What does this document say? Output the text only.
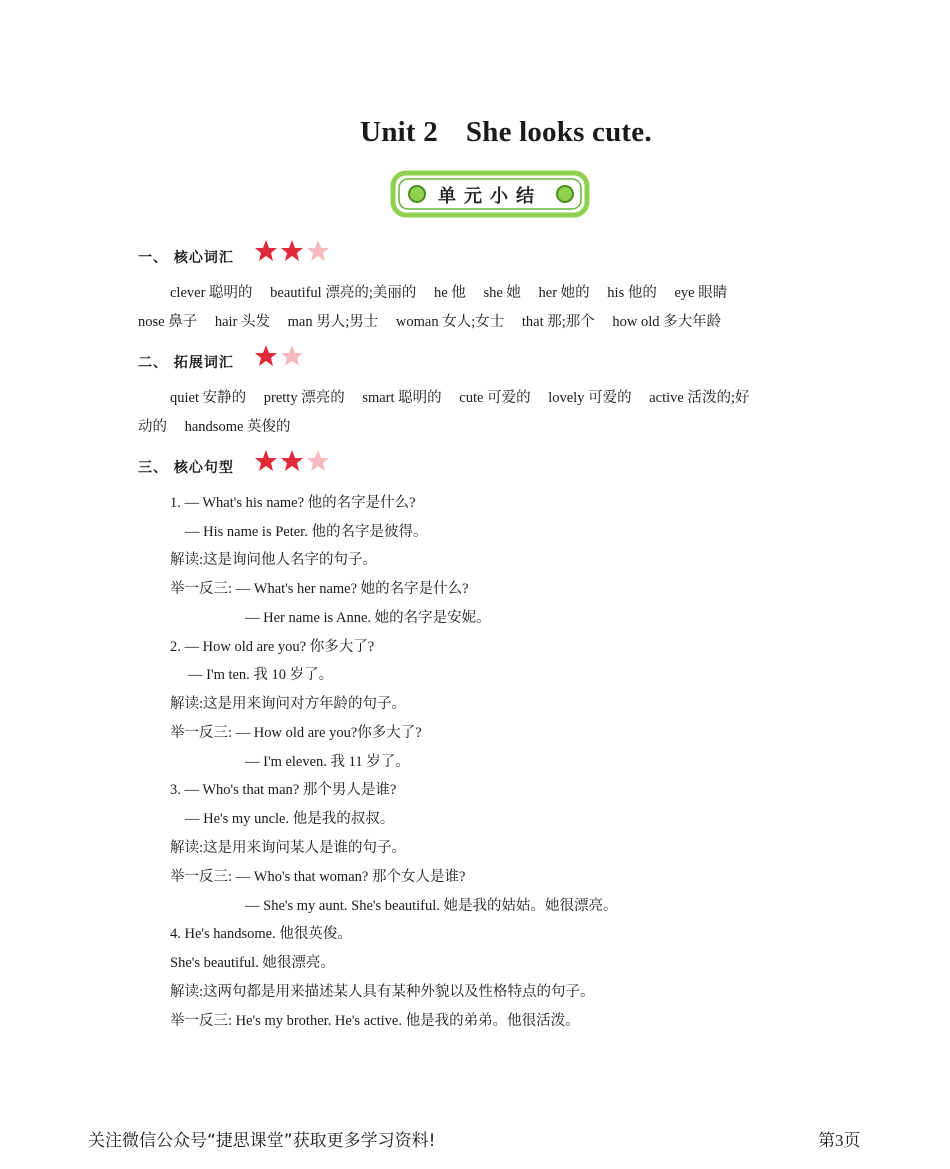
Unit 2 She looks cute.
单元小结
一、 核心词汇
clever 聪明的 beautiful 漂亮的;美丽的 he 他 she 她 her 她的 his 他的 eye 眼睛
nose 鼻子 hair 头发 man 男人;男士 woman 女人;女士 that 那;那个 how old 多大年龄
二、 拓展词汇
quiet 安静的 pretty 漂亮的 smart 聪明的 cute 可爱的 lovely 可爱的 active 活泼的;好
动的 handsome 英俊的
三、 核心句型
1. — What's his name? 他的名字是什么?
— His name is Peter. 他的名字是彼得。
解读:这是询问他人名字的句子。
举一反三: — What's her name? 她的名字是什么?
— Her name is Anne. 她的名字是安妮。
2. — How old are you? 你多大了?
— I'm ten. 我 10 岁了。
解读:这是用来询问对方年龄的句子。
举一反三: — How old are you?你多大了?
— I'm eleven. 我 11 岁了。
3. — Who's that man? 那个男人是谁?
— He's my uncle. 他是我的叔叔。
解读:这是用来询问某人是谁的句子。
举一反三: — Who's that woman? 那个女人是谁?
— She's my aunt. She's beautiful. 她是我的姑姑。她很漂亮。
4. He's handsome. 他很英俊。
She's beautiful. 她很漂亮。
解读:这两句都是用来描述某人具有某种外貌以及性格特点的句子。
举一反三: He's my brother. He's active. 他是我的弟弟。他很活泼。
关注微信公众号“捷思课堂”获取更多学习资料!	第3页
